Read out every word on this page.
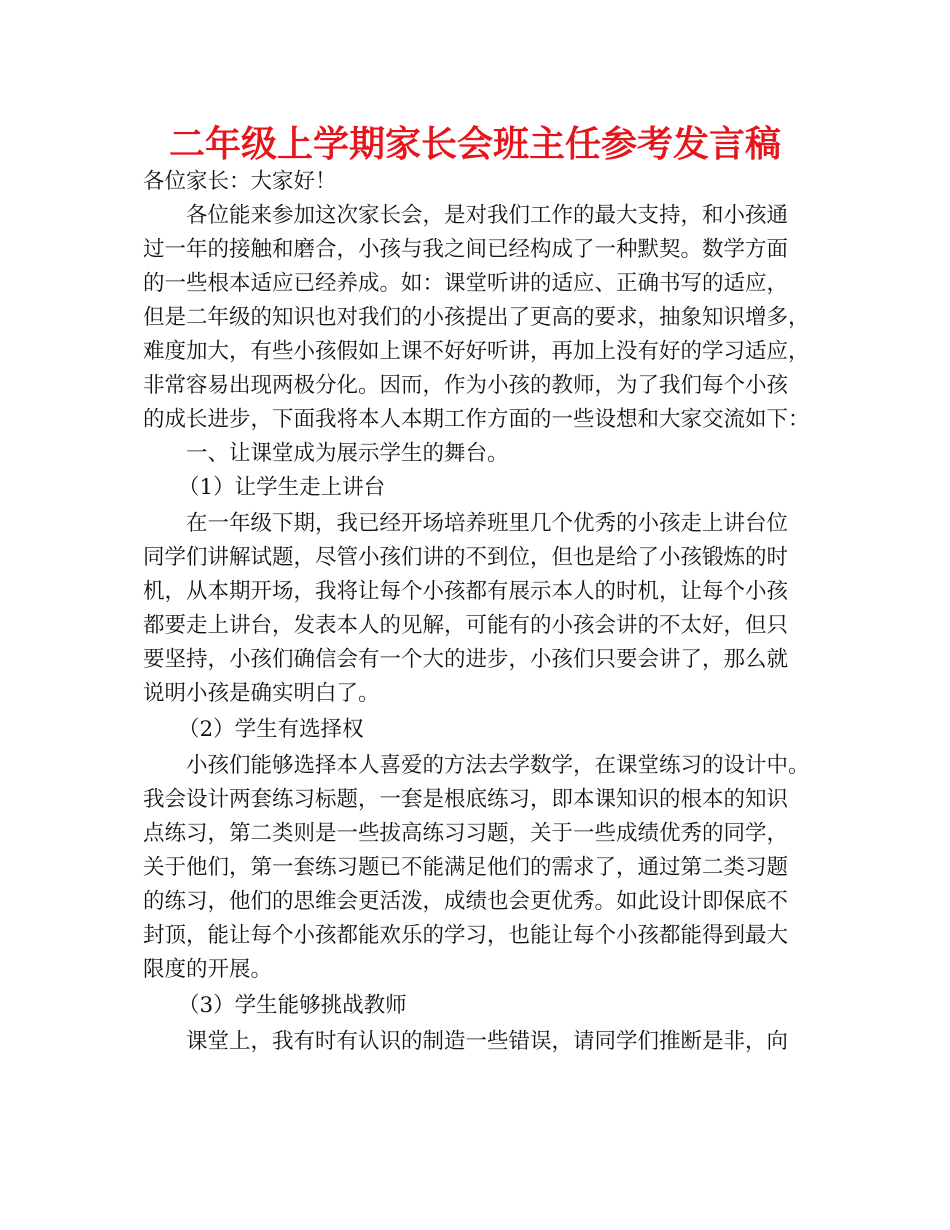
二年级上学期家长会班主任参考发言稿
各位家长：大家好！
各位能来参加这次家长会，是对我们工作的最大支持，和小孩通
过一年的接触和磨合，小孩与我之间已经构成了一种默契。数学方面
的一些根本适应已经养成。如：课堂听讲的适应、正确书写的适应，
但是二年级的知识也对我们的小孩提出了更高的要求，抽象知识增多，
难度加大，有些小孩假如上课不好好听讲，再加上没有好的学习适应，
非常容易出现两极分化。因而，作为小孩的教师，为了我们每个小孩
的成长进步，下面我将本人本期工作方面的一些设想和大家交流如下：
一、让课堂成为展示学生的舞台。
（1）让学生走上讲台
在一年级下期，我已经开场培养班里几个优秀的小孩走上讲台位
同学们讲解试题，尽管小孩们讲的不到位，但也是给了小孩锻炼的时
机，从本期开场，我将让每个小孩都有展示本人的时机，让每个小孩
都要走上讲台，发表本人的见解，可能有的小孩会讲的不太好，但只
要坚持，小孩们确信会有一个大的进步，小孩们只要会讲了，那么就
说明小孩是确实明白了。
（2）学生有选择权
小孩们能够选择本人喜爱的方法去学数学，在课堂练习的设计中。
我会设计两套练习标题，一套是根底练习，即本课知识的根本的知识
点练习，第二类则是一些拔高练习习题，关于一些成绩优秀的同学，
关于他们，第一套练习题已不能满足他们的需求了，通过第二类习题
的练习，他们的思维会更活泼，成绩也会更优秀。如此设计即保底不
封顶，能让每个小孩都能欢乐的学习，也能让每个小孩都能得到最大
限度的开展。
（3）学生能够挑战教师
课堂上，我有时有认识的制造一些错误，请同学们推断是非，向
